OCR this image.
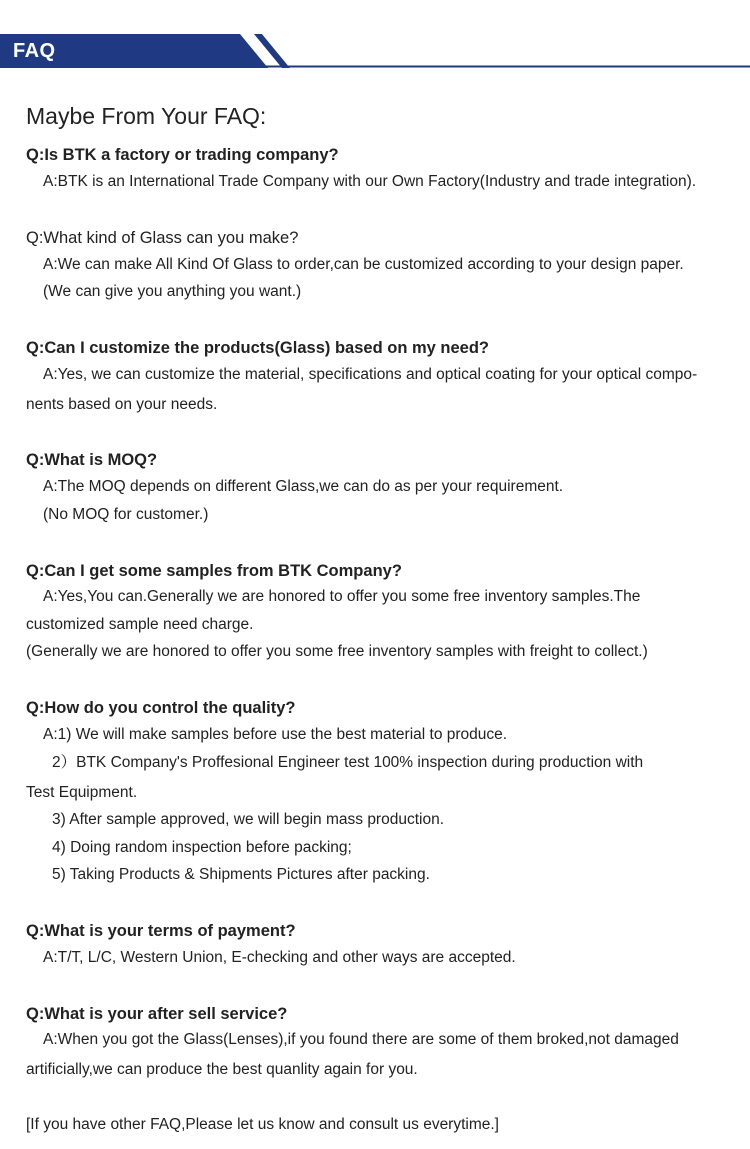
FAQ
Maybe From Your FAQ:
Q:Is BTK a factory or trading company?
A:BTK is an International Trade Company with our Own Factory(Industry and trade integration).
Q:What kind of Glass can you make?
A:We can make All Kind Of Glass to order,can be customized according to your design paper.
(We can give you anything you want.)
Q:Can I customize the products(Glass) based on my need?
A:Yes, we can customize the material, specifications and optical coating for your optical compo-
nents based on your needs.
Q:What is MOQ?
A:The MOQ depends on different Glass,we can do as per your requirement.
(No MOQ for customer.)
Q:Can I get some samples from BTK Company?
A:Yes,You can.Generally we are honored to offer you some free inventory samples.The
customized sample need charge.
(Generally we are honored to offer you some free inventory samples with freight to collect.)
Q:How do you control the quality?
A:1) We will make samples before use the best material to produce.
2）BTK Company's Proffesional Engineer test 100% inspection during production with
Test Equipment.
3) After sample approved, we will begin mass production.
4) Doing random inspection before packing;
5) Taking Products & Shipments Pictures after packing.
Q:What is your terms of payment?
A:T/T, L/C, Western Union, E-checking and other ways are accepted.
Q:What is your after sell service?
A:When you got the Glass(Lenses),if you found there are some of them broked,not damaged
artificially,we can produce the best quanlity again for you.
[If you have other FAQ,Please let us know and consult us everytime.]
